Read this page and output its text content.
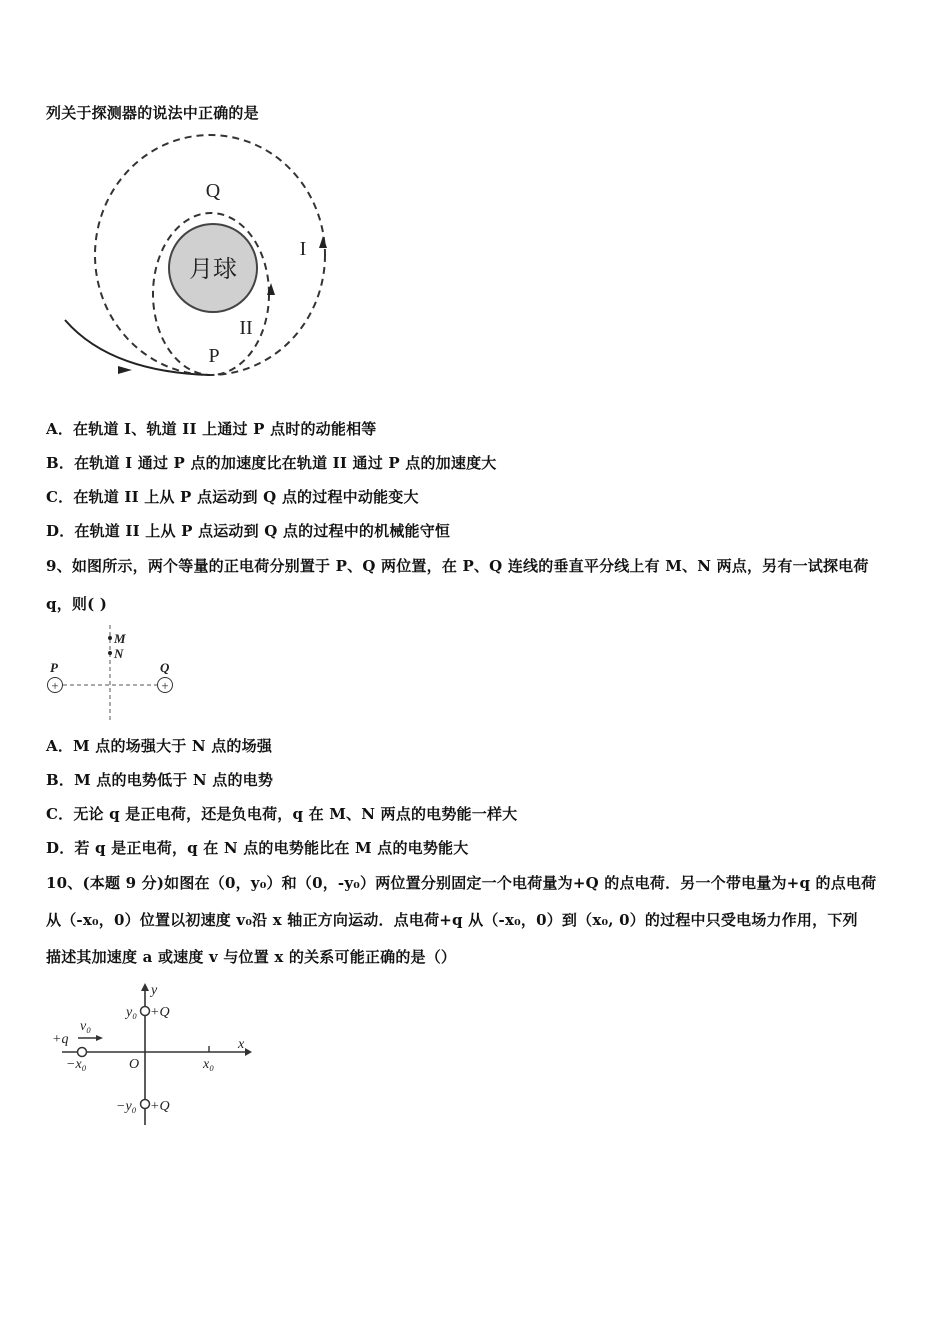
列关于探测器的说法中正确的是
月球
Q
I
II
P
+	+
P	Q
M
N
y
x
y₀ +Q
−y₀ +Q
+q
v₀
−x₀	O	x₀
A．在轨道 I、轨道 II 上通过 P 点时的动能相等
B．在轨道 I 通过 P 点的加速度比在轨道 II 通过 P 点的加速度大
C．在轨道 II 上从 P 点运动到 Q 点的过程中动能变大
D．在轨道 II 上从 P 点运动到 Q 点的过程中的机械能守恒
9、如图所示，两个等量的正电荷分别置于 P、Q 两位置，在 P、Q 连线的垂直平分线上有 M、N 两点，另有一试探电荷
q，则( )
A．M 点的场强大于 N 点的场强
B．M 点的电势低于 N 点的电势
C．无论 q 是正电荷，还是负电荷，q 在 M、N 两点的电势能一样大
D．若 q 是正电荷，q 在 N 点的电势能比在 M 点的电势能大
10、(本题 9 分)如图在（0，y₀）和（0，-y₀）两位置分别固定一个电荷量为+Q 的点电荷．另一个带电量为+q 的点电荷
从（-x₀，0）位置以初速度 v₀沿 x 轴正方向运动．点电荷+q 从（-x₀，0）到（x₀, 0）的过程中只受电场力作用，下列
描述其加速度 a 或速度 v 与位置 x 的关系可能正确的是（）
